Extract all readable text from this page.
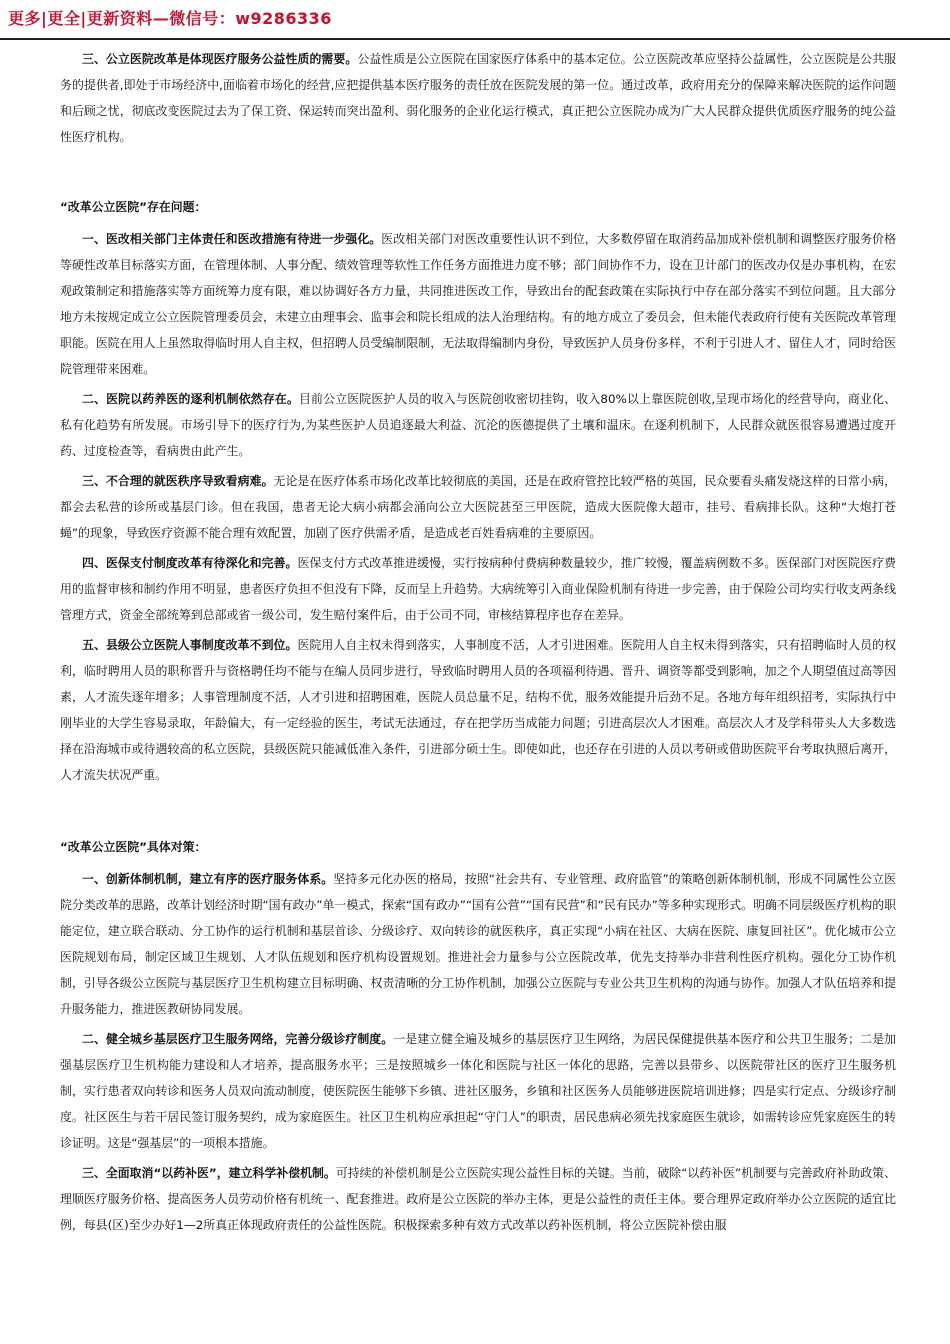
更多|更全|更新资料—微信号：w9286336

三、公立医院改革是体现医疗服务公益性质的需要。公益性质是公立医院在国家医疗体系中的基本定位。公立医院改革应坚持公益属性，公立医院是公共服务的提供者,即处于市场经济中,面临着市场化的经营,应把提供基本医疗服务的责任放在医院发展的第一位。通过改革，政府用充分的保障来解决医院的运作问题和后顾之忧，彻底改变医院过去为了保工资、保运转而突出盈利、弱化服务的企业化运行模式，真正把公立医院办成为广大人民群众提供优质医疗服务的纯公益性医疗机构。

“改革公立医院”存在问题：

一、医改相关部门主体责任和医改措施有待进一步强化。医改相关部门对医改重要性认识不到位，大多数停留在取消药品加成补偿机制和调整医疗服务价格等硬性改革目标落实方面，在管理体制、人事分配、绩效管理等软性工作任务方面推进力度不够；部门间协作不力，设在卫计部门的医改办仅是办事机构，在宏观政策制定和措施落实等方面统筹力度有限，难以协调好各方力量，共同推进医改工作，导致出台的配套政策在实际执行中存在部分落实不到位问题。且大部分地方未按规定成立公立医院管理委员会，未建立由理事会、监事会和院长组成的法人治理结构。有的地方成立了委员会，但未能代表政府行使有关医院改革管理职能。医院在用人上虽然取得临时用人自主权，但招聘人员受编制限制，无法取得编制内身份，导致医护人员身份多样，不利于引进人才、留住人才，同时给医院管理带来困难。

二、医院以药养医的逐利机制依然存在。目前公立医院医护人员的收入与医院创收密切挂钩，收入80%以上靠医院创收,呈现市场化的经营导向，商业化、私有化趋势有所发展。市场引导下的医疗行为,为某些医护人员追逐最大利益、沉沦的医德提供了土壤和温床。在逐利机制下，人民群众就医很容易遭遇过度开药、过度检查等，看病贵由此产生。

三、不合理的就医秩序导致看病难。无论是在医疗体系市场化改革比较彻底的美国，还是在政府管控比较严格的英国，民众要看头痛发烧这样的日常小病，都会去私营的诊所或基层门诊。但在我国，患者无论大病小病都会涌向公立大医院甚至三甲医院，造成大医院像大超市，挂号、看病排长队。这种“大炮打苍蝇”的现象，导致医疗资源不能合理有效配置，加剧了医疗供需矛盾，是造成老百姓看病难的主要原因。

四、医保支付制度改革有待深化和完善。医保支付方式改革推进缓慢，实行按病种付费病种数量较少，推广较慢，覆盖病例数不多。医保部门对医院医疗费用的监督审核和制约作用不明显，患者医疗负担不但没有下降，反而呈上升趋势。大病统筹引入商业保险机制有待进一步完善，由于保险公司均实行收支两条线管理方式，资金全部统筹到总部或省一级公司，发生赔付案件后，由于公司不同，审核结算程序也存在差异。

五、县级公立医院人事制度改革不到位。医院用人自主权未得到落实，人事制度不活，人才引进困难。医院用人自主权未得到落实，只有招聘临时人员的权利，临时聘用人员的职称晋升与资格聘任均不能与在编人员同步进行，导致临时聘用人员的各项福利待遇、晋升、调资等都受到影响，加之个人期望值过高等因素，人才流失逐年增多；人事管理制度不活，人才引进和招聘困难，医院人员总量不足，结构不优，服务效能提升后劲不足。各地方每年组织招考，实际执行中刚毕业的大学生容易录取，年龄偏大，有一定经验的医生，考试无法通过，存在把学历当成能力问题；引进高层次人才困难。高层次人才及学科带头人大多数选择在沿海城市或待遇较高的私立医院，县级医院只能减低准入条件，引进部分硕士生。即使如此，也还存在引进的人员以考研或借助医院平台考取执照后离开，人才流失状况严重。

“改革公立医院”具体对策：

一、创新体制机制，建立有序的医疗服务体系。坚持多元化办医的格局，按照“社会共有、专业管理、政府监管”的策略创新体制机制，形成不同属性公立医院分类改革的思路，改革计划经济时期“国有政办”单一模式，探索“国有政办”“国有公营”“国有民营”和“民有民办”等多种实现形式。明确不同层级医疗机构的职能定位，建立联合联动、分工协作的运行机制和基层首诊、分级诊疗、双向转诊的就医秩序，真正实现“小病在社区、大病在医院、康复回社区”。优化城市公立医院规划布局，制定区域卫生规划、人才队伍规划和医疗机构设置规划。推进社会力量参与公立医院改革，优先支持举办非营利性医疗机构。强化分工协作机制，引导各级公立医院与基层医疗卫生机构建立目标明确、权责清晰的分工协作机制，加强公立医院与专业公共卫生机构的沟通与协作。加强人才队伍培养和提升服务能力，推进医教研协同发展。

二、健全城乡基层医疗卫生服务网络，完善分级诊疗制度。一是建立健全遍及城乡的基层医疗卫生网络，为居民保健提供基本医疗和公共卫生服务；二是加强基层医疗卫生机构能力建设和人才培养，提高服务水平；三是按照城乡一体化和医院与社区一体化的思路，完善以县带乡、以医院带社区的医疗卫生服务机制，实行患者双向转诊和医务人员双向流动制度，使医院医生能够下乡镇、进社区服务，乡镇和社区医务人员能够进医院培训进修；四是实行定点、分级诊疗制度。社区医生与若干居民签订服务契约，成为家庭医生。社区卫生机构应承担起“守门人”的职责，居民患病必须先找家庭医生就诊，如需转诊应凭家庭医生的转诊证明。这是“强基层”的一项根本措施。

三、全面取消“以药补医”，建立科学补偿机制。可持续的补偿机制是公立医院实现公益性目标的关键。当前，破除“以药补医”机制要与完善政府补助政策、理顺医疗服务价格、提高医务人员劳动价格有机统一、配套推进。政府是公立医院的举办主体，更是公益性的责任主体。要合理界定政府举办公立医院的适宜比例，每县(区)至少办好1—2所真正体现政府责任的公益性医院。积极探索多种有效方式改革以药补医机制，将公立医院补偿由服
